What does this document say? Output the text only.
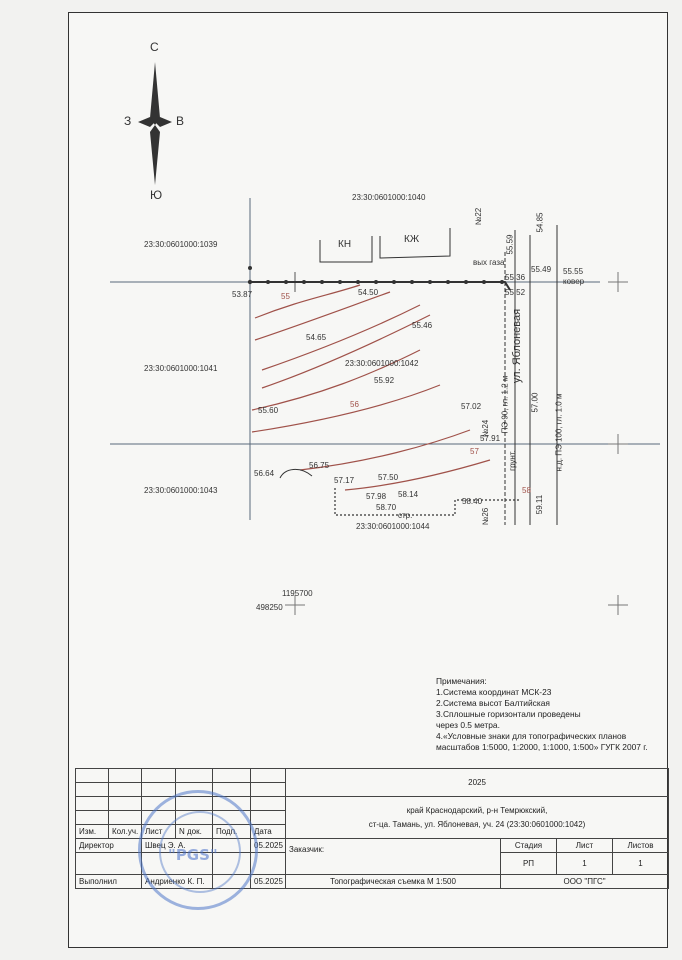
23:30:0601000:1040
23:30:0601000:1039
23:30:0601000:1041
23:30:0601000:1042
23:30:0601000:1043
23:30:0601000:1044
С
Ю
З	В
КН	КЖ
53.87	54.50
54.65
55.46
55.92
55.60	57.02
57.91
56.64
56.75
57.17	57.50
57.98 58.14
58.70
58.40
55.55
55.49
55.36
55.52
55.59
54.85
59.11
57.00
№22
№24
№26
ул. Яблоневая
ПЭ 90, гл. 1.2 м	н.д. ПЭ 100, гл. 1.0 м
грунт.
вых газа
ковер
стр.
55
56
57
58
1195700
498250
Примечания:
1.Система координат МСК-23
2.Система высот Балтийская
3.Сплошные горизонтали проведены
через 0.5 метра.
4.«Условные знаки для топографических планов
масштабов 1:5000, 1:2000, 1:1000, 1:500» ГУГК 2007 г.
						2025			

						край Краснодарский, р-н Темрюкский,
ст-ца. Тамань, ул. Яблоневая, уч. 24 (23:30:0601000:1042)			

Изм.	Кол.уч.	Лист	N док.	Подп.	Дата				
Директор		Швец Э. А.			05.2025	Заказчик:	Стадия	Лист	Листов
							РП	1	1

Выполнил		Андриенко К. П.			05.2025	Топографическая съемка М 1:500	ООО "ПГС"		

"PGS"
